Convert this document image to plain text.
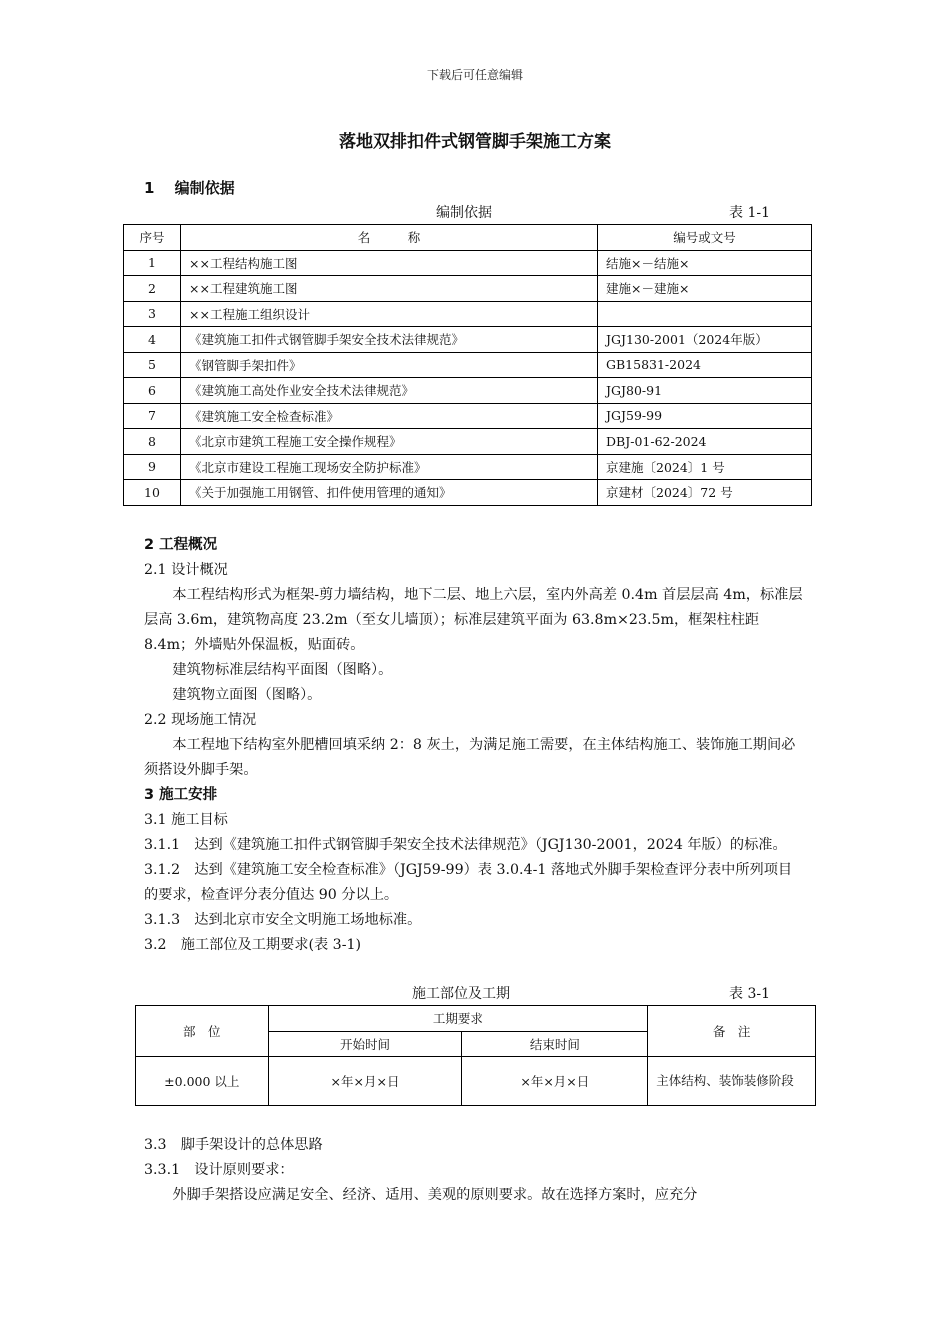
下载后可任意编辑
落地双排扣件式钢管脚手架施工方案
1　 编制依据
编制依据	表 1-1
序号	名　　　称	编号或文号
1	××工程结构施工图	结施×－结施×
2	××工程建筑施工图	建施×－建施×
3	××工程施工组织设计	
4	《建筑施工扣件式钢管脚手架安全技术法律规范》	JGJ130-2001（2024年版）
5	《钢管脚手架扣件》	GB15831-2024
6	《建筑施工高处作业安全技术法律规范》	JGJ80-91
7	《建筑施工安全检查标准》	JGJ59-99
8	《北京市建筑工程施工安全操作规程》	DBJ-01-62-2024
9	《北京市建设工程施工现场安全防护标准》	京建施〔2024〕1 号
10	《关于加强施工用钢管、扣件使用管理的通知》	京建材〔2024〕72 号

2 工程概况

2.1 设计概况

本工程结构形式为框架-剪力墙结构，地下二层、地上六层，室内外高差 0.4m 首层层高 4m，标准层层高 3.6m，建筑物高度 23.2m（至女儿墙顶）；标准层建筑平面为 63.8m×23.5m，框架柱柱距 8.4m；外墙贴外保温板，贴面砖。

建筑物标准层结构平面图（图略）。

建筑物立面图（图略）。

2.2 现场施工情况

本工程地下结构室外肥槽回填采纳 2：8 灰土，为满足施工需要，在主体结构施工、装饰施工期间必须搭设外脚手架。

3 施工安排

3.1 施工目标

3.1.1　达到《建筑施工扣件式钢管脚手架安全技术法律规范》（JGJ130-2001，2024 年版）的标准。

3.1.2　达到《建筑施工安全检查标准》（JGJ59-99）表 3.0.4-1 落地式外脚手架检查评分表中所列项目的要求，检查评分表分值达 90 分以上。

3.1.3　达到北京市安全文明施工场地标准。

3.2　施工部位及工期要求(表 3-1)

施工部位及工期	表 3-1
部　位	工期要求		备　注
	开始时间	结束时间	
±0.000 以上	×年×月×日	×年×月×日	主体结构、装饰装修阶段

3.3　脚手架设计的总体思路

3.3.1　设计原则要求：

外脚手架搭设应满足安全、经济、适用、美观的原则要求。故在选择方案时，应充分
